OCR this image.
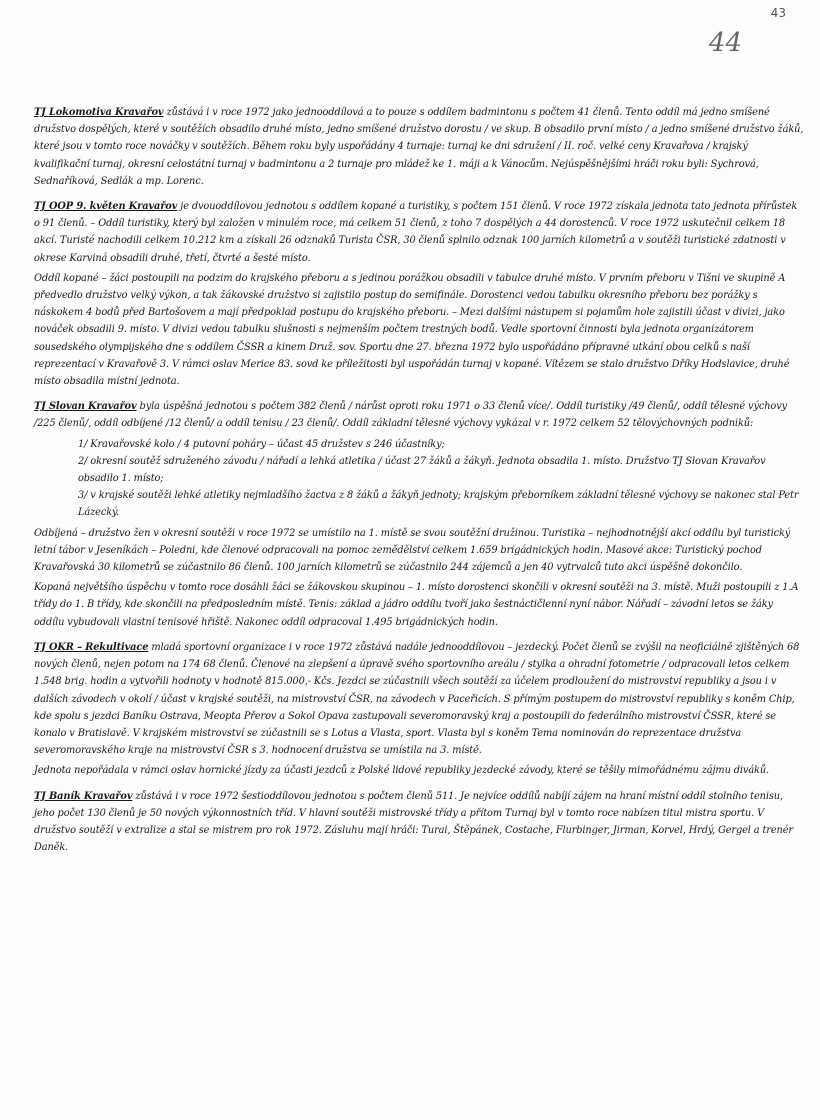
43
44

TJ Lokomotiva Kravařov zůstává i v roce 1972 jako jednooddílová a to pouze s oddílem badmintonu s počtem 41 členů. Tento oddíl má jedno smíšené družstvo dospělých, které v soutěžích obsadilo druhé místo, jedno smíšené družstvo dorostu / ve skup. B obsadilo první místo / a jedno smíšené družstvo žáků, které jsou v tomto roce nováčky v soutěžích. Během roku byly uspořádány 4 turnaje: turnaj ke dni sdružení / II. roč. velké ceny Kravařova / krajský kvalifikační turnaj, okresní celostátní turnaj v badmintonu a 2 turnaje pro mládež ke 1. máji a k Vánocům. Nejúspěšnějšími hráči roku byli: Sychrová, Sednaříková, Sedlák a mp. Lorenc.

TJ OOP 9. květen Kravařov je dvouoddílovou jednotou s oddílem kopané a turistiky, s počtem 151 členů. V roce 1972 získala jednota tato jednota přírůstek o 91 členů. – Oddíl turistiky, který byl založen v minulém roce, má celkem 51 členů, z toho 7 dospělých a 44 dorostenců. V roce 1972 uskutečnil celkem 18 akcí. Turisté nachodili celkem 10.212 km a získali 26 odznaků Turista ČSR, 30 členů splnilo odznak 100 jarních kilometrů a v soutěži turistické zdatnosti v okrese Karviná obsadili druhé, třetí, čtvrté a šesté místo.

Oddíl kopané – žáci postoupili na podzim do krajského přeboru a s jedinou porážkou obsadili v tabulce druhé místo. V prvním přeboru v Tišni ve skupině A předvedlo družstvo velký výkon, a tak žákovské družstvo si zajistilo postup do semifinále. Dorostenci vedou tabulku okresního přeboru bez porážky s náskokem 4 bodů před Bartošovem a mají předpoklad postupu do krajského přeboru. – Mezi dalšími nástupem si pojamům hole zajistili účast v divizi, jako nováček obsadili 9. místo. V divizi vedou tabulku slušnosti s nejmenším počtem trestných bodů. Vedle sportovní činnosti byla jednota organizátorem sousedského olympijského dne s oddílem ČSSR a kinem Druž. sov. Sportu dne 27. března 1972 bylo uspořádáno přípravné utkání obou celků s naší reprezentací v Kravařově 3. V rámci oslav Merice 83. sovd ke příležitosti byl uspořádán turnaj v kopané. Vítězem se stalo družstvo Dříky Hodslavice, druhé místo obsadila místní jednota.

TJ Slovan Kravařov byla úspěšná jednotou s počtem 382 členů / nárůst oproti roku 1971 o 33 členů více/. Oddíl turistiky /49 členů/, oddíl tělesné výchovy /225 členů/, oddíl odbíjené /12 členů/ a oddíl tenisu / 23 členů/. Oddíl základní tělesné výchovy vykázal v r. 1972 celkem 52 tělovýchovných podniků:

1/ Kravařovské kolo / 4 putovní poháry – účast 45 družstev s 246 účastníky;

2/ okresní soutěž sdruženého závodu / nářadí a lehká atletika / účast 27 žáků a žákyň. Jednota obsadila 1. místo. Družstvo TJ Slovan Kravařov obsadilo 1. místo;

3/ v krajské soutěži lehké atletiky nejmladšího žactva z 8 žáků a žákyň jednoty; krajským přeborníkem základní tělesné výchovy se nakonec stal Petr Lázecký.

Odbíjená – družstvo žen v okresní soutěži v roce 1972 se umístilo na 1. místě se svou soutěžní družinou. Turistika – nejhodnotnější akcí oddílu byl turistický letní tábor v Jeseníkách – Poledni, kde členové odpracovali na pomoc zemědělství celkem 1.659 brigádnických hodin. Masové akce: Turistický pochod Kravařovská 30 kilometrů se zúčastnilo 86 členů. 100 jarních kilometrů se zúčastnilo 244 zájemců a jen 40 vytrvalců tuto akci úspěšně dokončilo.

Kopaná největšího úspěchu v tomto roce dosáhli žáci se žákovskou skupinou – 1. místo dorostenci skončili v okresní soutěži na 3. místě. Muži postoupili z 1.A třídy do 1. B třídy, kde skončili na předposledním místě. Tenis: základ a jádro oddílu tvoří jako šestnáctičlenní nyní nábor. Nářadí – závodní letos se žáky oddílu vybudovali vlastní tenisové hřiště. Nakonec oddíl odpracoval 1.495 brigádnických hodin.

TJ OKR – Rekultivace mladá sportovní organizace i v roce 1972 zůstává nadále jednooddílovou – jezdecký. Počet členů se zvýšil na neoficiálně zjištěných 68 nových členů, nejen potom na 174 68 členů. Členové na zlepšení a úpravě svého sportovního areálu / stylka a ohradní fotometrie / odpracovali letos celkem 1.548 brig. hodin a vytvořili hodnoty v hodnotě 815.000,- Kčs. Jezdci se zúčastnili všech soutěží za účelem prodloužení do mistrovství republiky a jsou i v dalších závodech v okolí / účast v krajské soutěži, na mistrovství ČSR, na závodech v Paceřicích. S přímým postupem do mistrovství republiky s koněm Chip, kde spolu s jezdci Baníku Ostrava, Meopta Přerov a Sokol Opava zastupovali severomoravský kraj a postoupili do federálního mistrovství ČSSR, které se konalo v Bratislavě. V krajském mistrovství se zúčastnili se s Lotus a Vlasta, sport. Vlasta byl s koněm Tema nominován do reprezentace družstva severomoravského kraje na mistrovství ČSR s 3. hodnocení družstva se umístila na 3. místě.

Jednota nepořádala v rámci oslav hornické jízdy za účasti jezdců z Polské lidové republiky jezdecké závody, které se těšily mimořádnému zájmu diváků.

TJ Baník Kravařov zůstává i v roce 1972 šestioddílovou jednotou s počtem členů 511. Je nejvíce oddílů nabíjí zájem na hraní místní oddíl stolního tenisu, jeho počet 130 členů je 50 nových výkonnostních tříd. V hlavní soutěži mistrovské třídy a přítom Turnaj byl v tomto roce nabízen titul mistra sportu. V družstvo soutěží v extralize a stal se mistrem pro rok 1972. Zásluhu mají hráči: Turai, Štěpánek, Costache, Flurbinger, Jirman, Korvel, Hrdý, Gergel a trenér Daněk.
